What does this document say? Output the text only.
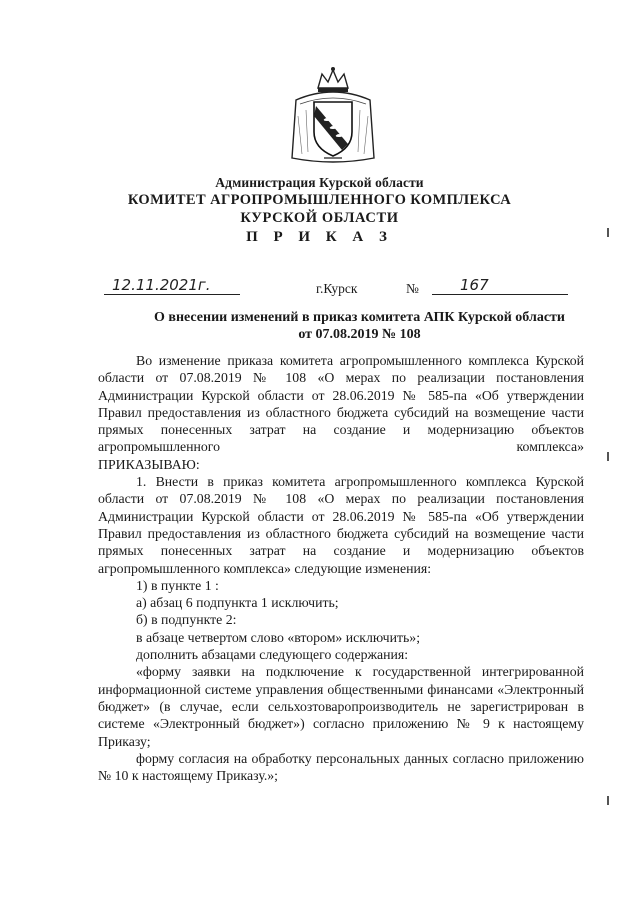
Администрация Курской области
КОМИТЕТ АГРОПРОМЫШЛЕННОГО КОМПЛЕКСА
КУРСКОЙ ОБЛАСТИ
П Р И К А З
12.11.2021г.	г.Курск	№	167
О внесении изменений в приказ комитета АПК Курской области
от 07.08.2019 № 108

Во изменение приказа комитета агропромышленного комплекса Курской области от 07.08.2019 № 108 «О мерах по реализации постановления Администрации Курской области от 28.06.2019 № 585-па «Об утверждении Правил предоставления из областного бюджета субсидий на возмещение части прямых понесенных затрат на создание и модернизацию объектов агропромышленного комплекса»

ПРИКАЗЫВАЮ:

1. Внести в приказ комитета агропромышленного комплекса Курской области от 07.08.2019 № 108 «О мерах по реализации постановления Администрации Курской области от 28.06.2019 № 585-па «Об утверждении Правил предоставления из областного бюджета субсидий на возмещение части прямых понесенных затрат на создание и модернизацию объектов агропромышленного комплекса» следующие изменения:

1) в пункте 1 :

а) абзац 6 подпункта 1 исключить;

б) в подпункте 2:

в абзаце четвертом слово «втором» исключить»;

дополнить абзацами следующего содержания:

«форму заявки на подключение к государственной интегрированной информационной системе управления общественными финансами «Электронный бюджет» (в случае, если сельхозтоваропроизводитель не зарегистрирован в системе «Электронный бюджет») согласно приложению № 9 к настоящему Приказу;

форму согласия на обработку персональных данных согласно приложению № 10 к настоящему Приказу.»;
